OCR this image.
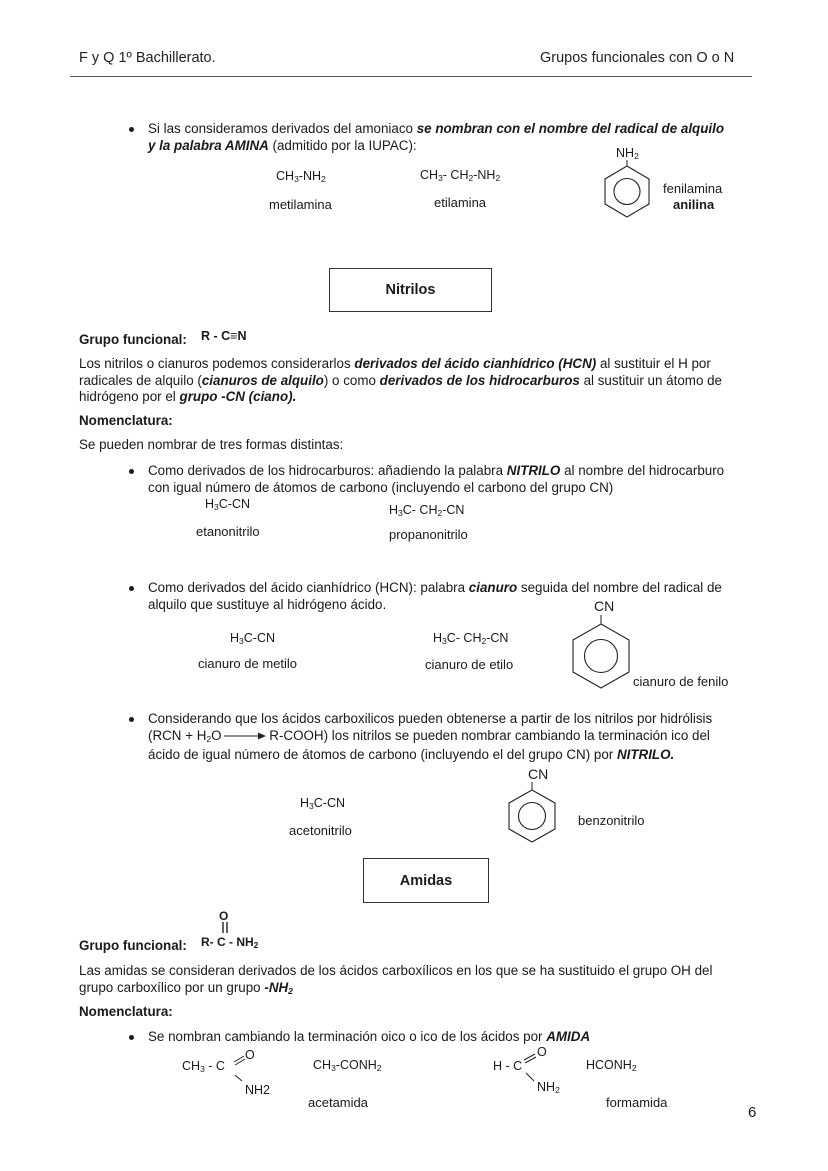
F y Q 1º Bachillerato.	Grupos funcionales con O o N
Si las consideramos derivados del amoniaco se nombran con el nombre del radical de alquilo
y la palabra AMINA (admitido por la IUPAC):
$CH_3-NH_2$
metilamina
$CH_3-$ $CH_2-NH_2$
etilamina
$NH_2$
fenilamina
anilina
Nitrilos
Grupo funcional: R - C≡N
Los nitrilos o cianuros podemos considerarlos derivados del ácido cianhídrico (HCN) al sustituir el H por
radicales de alquilo (cianuros de alquilo) o como derivados de los hidrocarburos al sustituir un átomo de
hidrógeno por el grupo -CN (ciano).
Nomenclatura:
Se pueden nombrar de tres formas distintas:
Como derivados de los hidrocarburos: añadiendo la palabra NITRILO al nombre del hidrocarburo
con igual número de átomos de carbono (incluyendo el carbono del grupo CN)
$H_3C-CN$
etanonitrilo
$H_3C-$ $CH_2-CN$
propanonitrilo
Como derivados del ácido cianhídrico (HCN): palabra cianuro seguida del nombre del radical de
alquilo que sustituye al hidrógeno ácido.
$H_3C-CN$
cianuro de metilo
$H_3C-$ $CH_2-CN$
cianuro de etilo
CN
cianuro de fenilo
Considerando que los ácidos carboxilicos pueden obtenerse a partir de los nitrilos por hidrólisis
($RCN + H_2O\to$ R-COOH) los nitrilos se pueden nombrar cambiando la terminación ico del
ácido de igual número de átomos de carbono (incluyendo el del grupo CN) por NITRILO.
$H_3C-CN$
acetonitrilo
CN
benzonitrilo
Amidas
Grupo funcional:
O
R- C - $NH_2$
Las amidas se consideran derivados de los ácidos carboxílicos en los que se ha sustituido el grupo OH del
grupo carboxílico por un grupo $-NH_2$
Nomenclatura:
Se nombran cambiando la terminación oico o ico de los ácidos por AMIDA
$CH_3$ - C
O
NH2
$CH_3-CONH_2$
acetamida
H - C
O
$NH_2$
$HCONH_2$
formamida
6
